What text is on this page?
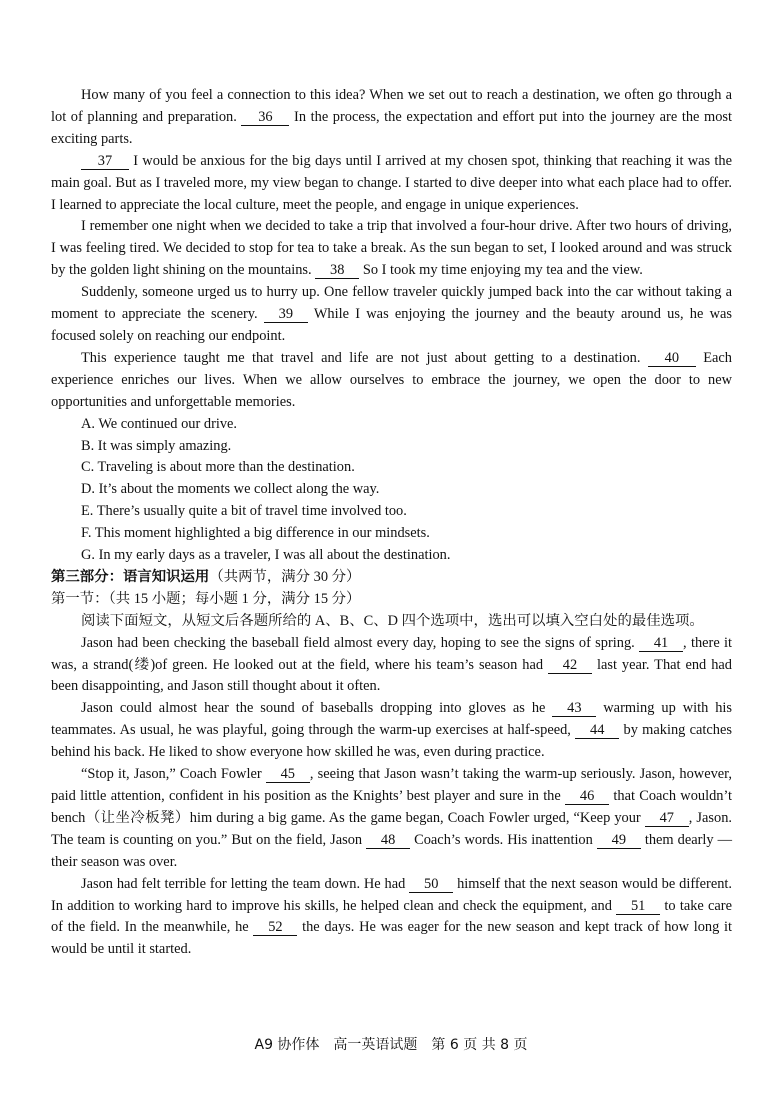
How many of you feel a connection to this idea? When we set out to reach a destination, we often go through a lot of planning and preparation. 36 In the process, the expectation and effort put into the journey are the most exciting parts.

37 I would be anxious for the big days until I arrived at my chosen spot, thinking that reaching it was the main goal. But as I traveled more, my view began to change. I started to dive deeper into what each place had to offer. I learned to appreciate the local culture, meet the people, and engage in unique experiences.

I remember one night when we decided to take a trip that involved a four-hour drive. After two hours of driving, I was feeling tired. We decided to stop for tea to take a break. As the sun began to set, I looked around and was struck by the golden light shining on the mountains. 38 So I took my time enjoying my tea and the view.

Suddenly, someone urged us to hurry up. One fellow traveler quickly jumped back into the car without taking a moment to appreciate the scenery. 39 While I was enjoying the journey and the beauty around us, he was focused solely on reaching our endpoint.

This experience taught me that travel and life are not just about getting to a destination. 40 Each experience enriches our lives. When we allow ourselves to embrace the journey, we open the door to new opportunities and unforgettable memories.

A. We continued our drive.
B. It was simply amazing.
C. Traveling is about more than the destination.
D. It’s about the moments we collect along the way.
E. There’s usually quite a bit of travel time involved too.
F. This moment highlighted a big difference in our mindsets.
G. In my early days as a traveler, I was all about the destination.

第三部分：语言知识运用（共两节，满分 30 分）

第一节：（共 15 小题；每小题 1 分，满分 15 分）

阅读下面短文，从短文后各题所给的 A、B、C、D 四个选项中，选出可以填入空白处的最佳选项。

Jason had been checking the baseball field almost every day, hoping to see the signs of spring. 41 , there it was, a strand(缕)of green. He looked out at the field, where his team’s season had 42 last year. That end had been disappointing, and Jason still thought about it often.

Jason could almost hear the sound of baseballs dropping into gloves as he 43 warming up with his teammates. As usual, he was playful, going through the warm-up exercises at half-speed, 44 by making catches behind his back. He liked to show everyone how skilled he was, even during practice.

“Stop it, Jason,” Coach Fowler 45 , seeing that Jason wasn’t taking the warm-up seriously. Jason, however, paid little attention, confident in his position as the Knights’ best player and sure in the 46 that Coach wouldn’t bench（让坐冷板凳）him during a big game. As the game began, Coach Fowler urged, “Keep your 47 , Jason. The team is counting on you.” But on the field, Jason 48 Coach’s words. His inattention 49 them dearly — their season was over.

Jason had felt terrible for letting the team down. He had 50 himself that the next season would be different. In addition to working hard to improve his skills, he helped clean and check the equipment, and 51 to take care of the field. In the meanwhile, he 52 the days. He was eager for the new season and kept track of how long it would be until it started.

A9 协作体　高一英语试题　第 6 页 共 8 页
